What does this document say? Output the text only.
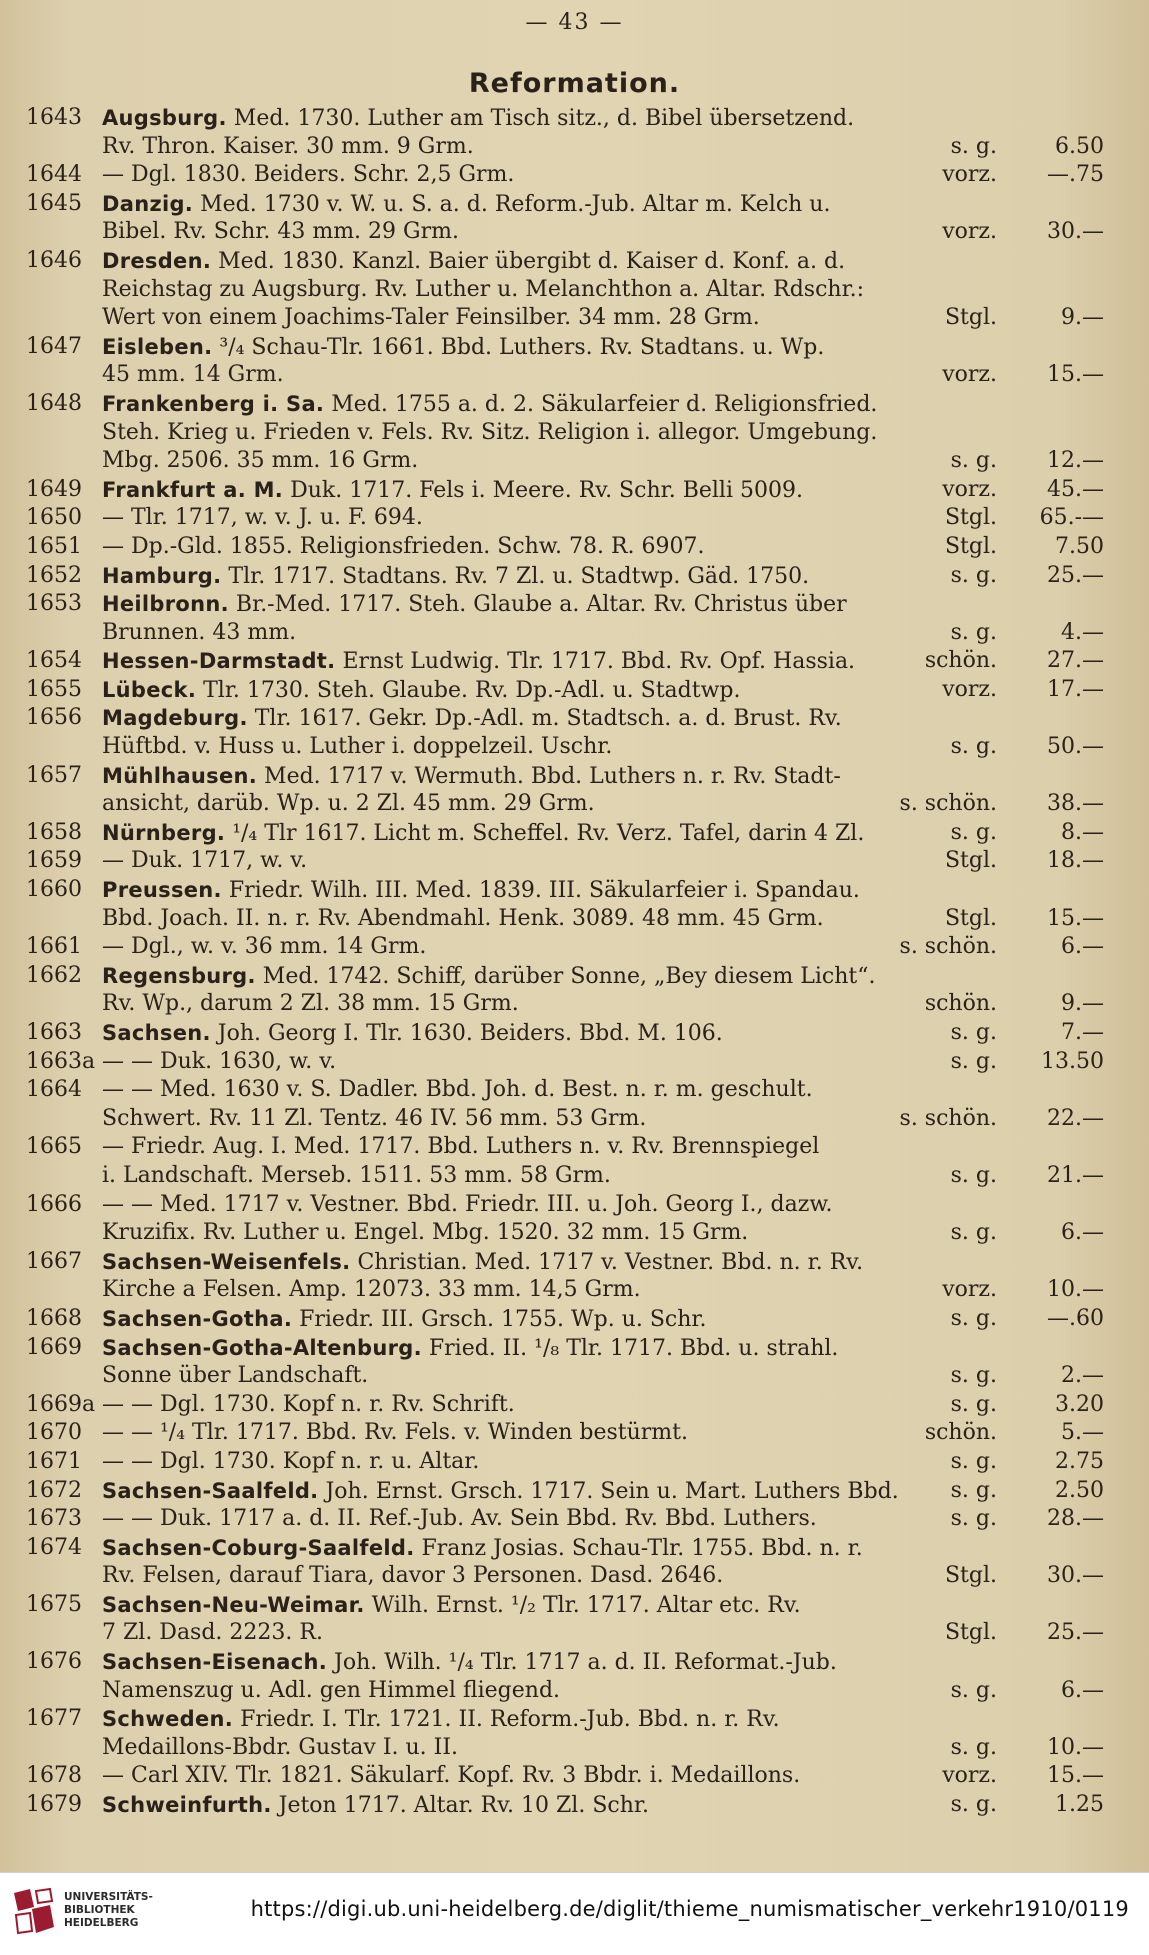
— 43 —
Reformation.
1643 Augsburg. Med. 1730. Luther am Tisch sitz., d. Bibel übersetzend.
Rv. Thron. Kaiser. 30 mm. 9 Grm.	s. g.	6.50
1644 — Dgl. 1830. Beiders. Schr. 2,5 Grm.	vorz. —.75
1645 Danzig. Med. 1730 v. W. u. S. a. d. Reform.-Jub. Altar m. Kelch u.
Bibel. Rv. Schr. 43 mm. 29 Grm.	vorz. 30.—
1646 Dresden. Med. 1830. Kanzl. Baier übergibt d. Kaiser d. Konf. a. d.
Reichstag zu Augsburg. Rv. Luther u. Melanchthon a. Altar. Rdschr.:
Wert von einem Joachims-Taler Feinsilber. 34 mm. 28 Grm.	Stgl.	9.—
1647 Eisleben. ³/₄ Schau-Tlr. 1661. Bbd. Luthers. Rv. Stadtans. u. Wp.
45 mm. 14 Grm.	vorz. 15.—
1648 Frankenberg i. Sa. Med. 1755 a. d. 2. Säkularfeier d. Religionsfried.
Steh. Krieg u. Frieden v. Fels. Rv. Sitz. Religion i. allegor. Umgebung.
Mbg. 2506. 35 mm. 16 Grm.	s. g. 12.—
1649 Frankfurt a. M. Duk. 1717. Fels i. Meere. Rv. Schr. Belli 5009.	vorz. 45.—
1650 — Tlr. 1717, w. v. J. u. F. 694.	Stgl. 65.-—
1651 — Dp.-Gld. 1855. Religionsfrieden. Schw. 78. R. 6907.	Stgl.	7.50
1652 Hamburg. Tlr. 1717. Stadtans. Rv. 7 Zl. u. Stadtwp. Gäd. 1750.	s. g. 25.—
1653 Heilbronn. Br.-Med. 1717. Steh. Glaube a. Altar. Rv. Christus über
Brunnen. 43 mm.	s. g.	4.—
1654 Hessen-Darmstadt. Ernst Ludwig. Tlr. 1717. Bbd. Rv. Opf. Hassia.	schön. 27.—
1655 Lübeck. Tlr. 1730. Steh. Glaube. Rv. Dp.-Adl. u. Stadtwp.	vorz. 17.—
1656 Magdeburg. Tlr. 1617. Gekr. Dp.-Adl. m. Stadtsch. a. d. Brust. Rv.
Hüftbd. v. Huss u. Luther i. doppelzeil. Uschr.	s. g. 50.—
1657 Mühlhausen. Med. 1717 v. Wermuth. Bbd. Luthers n. r. Rv. Stadt-
ansicht, darüb. Wp. u. 2 Zl. 45 mm. 29 Grm.	s. schön. 38.—
1658 Nürnberg. ¹/₄ Tlr 1617. Licht m. Scheffel. Rv. Verz. Tafel, darin 4 Zl.	s. g.	8.—
1659 — Duk. 1717, w. v.	Stgl. 18.—
1660 Preussen. Friedr. Wilh. III. Med. 1839. III. Säkularfeier i. Spandau.
Bbd. Joach. II. n. r. Rv. Abendmahl. Henk. 3089. 48 mm. 45 Grm.	Stgl. 15.—
1661 — Dgl., w. v. 36 mm. 14 Grm.	s. schön.	6.—
1662 Regensburg. Med. 1742. Schiff, darüber Sonne, „Bey diesem Licht“.
Rv. Wp., darum 2 Zl. 38 mm. 15 Grm.	schön.	9.—
1663 Sachsen. Joh. Georg I. Tlr. 1630. Beiders. Bbd. M. 106.	s. g.	7.—
1663a — — Duk. 1630, w. v.	s. g. 13.50
1664 — — Med. 1630 v. S. Dadler. Bbd. Joh. d. Best. n. r. m. geschult.
Schwert. Rv. 11 Zl. Tentz. 46 IV. 56 mm. 53 Grm.	s. schön. 22.—
1665 — Friedr. Aug. I. Med. 1717. Bbd. Luthers n. v. Rv. Brennspiegel
i. Landschaft. Merseb. 1511. 53 mm. 58 Grm.	s. g. 21.—
1666 — — Med. 1717 v. Vestner. Bbd. Friedr. III. u. Joh. Georg I., dazw.
Kruzifix. Rv. Luther u. Engel. Mbg. 1520. 32 mm. 15 Grm.	s. g.	6.—
1667 Sachsen-Weisenfels. Christian. Med. 1717 v. Vestner. Bbd. n. r. Rv.
Kirche a Felsen. Amp. 12073. 33 mm. 14,5 Grm.	vorz. 10.—
1668 Sachsen-Gotha. Friedr. III. Grsch. 1755. Wp. u. Schr.	s. g. —.60
1669 Sachsen-Gotha-Altenburg. Fried. II. ¹/₈ Tlr. 1717. Bbd. u. strahl.
Sonne über Landschaft.	s. g.	2.—
1669a — — Dgl. 1730. Kopf n. r. Rv. Schrift.	s. g.	3.20
1670 — — ¹/₄ Tlr. 1717. Bbd. Rv. Fels. v. Winden bestürmt.	schön.	5.—
1671 — — Dgl. 1730. Kopf n. r. u. Altar.	s. g.	2.75
1672 Sachsen-Saalfeld. Joh. Ernst. Grsch. 1717. Sein u. Mart. Luthers Bbd. s. g.	2.50
1673 — — Duk. 1717 a. d. II. Ref.-Jub. Av. Sein Bbd. Rv. Bbd. Luthers.	s. g. 28.—
1674 Sachsen-Coburg-Saalfeld. Franz Josias. Schau-Tlr. 1755. Bbd. n. r.
Rv. Felsen, darauf Tiara, davor 3 Personen. Dasd. 2646.	Stgl. 30.—
1675 Sachsen-Neu-Weimar. Wilh. Ernst. ¹/₂ Tlr. 1717. Altar etc. Rv.
7 Zl. Dasd. 2223. R.	Stgl. 25.—
1676 Sachsen-Eisenach. Joh. Wilh. ¹/₄ Tlr. 1717 a. d. II. Reformat.-Jub.
Namenszug u. Adl. gen Himmel fliegend.	s. g.	6.—
1677 Schweden. Friedr. I. Tlr. 1721. II. Reform.-Jub. Bbd. n. r. Rv.
Medaillons-Bbdr. Gustav I. u. II.	s. g. 10.—
1678 — Carl XIV. Tlr. 1821. Säkularf. Kopf. Rv. 3 Bbdr. i. Medaillons.	vorz. 15.—
1679 Schweinfurth. Jeton 1717. Altar. Rv. 10 Zl. Schr.	s. g.	1.25
UNIVERSITÄTS-
BIBLIOTHEK
HEIDELBERG
https://digi.ub.uni-heidelberg.de/diglit/thieme_numismatischer_verkehr1910/0119
